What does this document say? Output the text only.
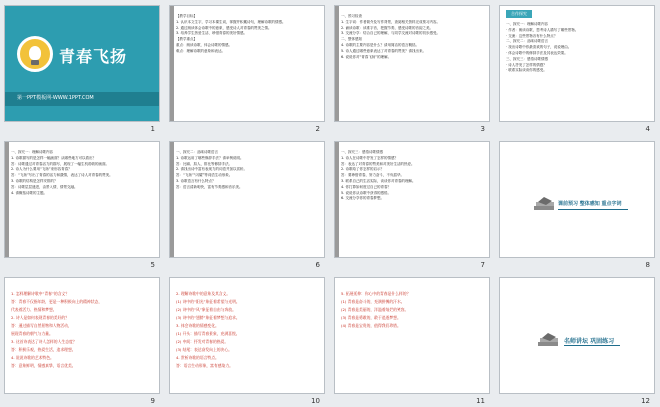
青春飞扬
第一PPT模板网-WWW.1PPT.COM
1

【教学目标】

1. 认识本文生字，学习本课生词，掌握并积累诗句，理解诗歌的情感。

2. 通过朗读体会诗歌中的意象，感受诗人对青春的赞美之情。

3. 培养学生热爱生活、珍惜青春的美好情感。

【教学重点】

重点：朗读诗歌，体会诗歌的情感。

难点：理解诗歌的意象和表达。

2

一、预习检查

1. 生字词：作者简介及写作背景，查阅相关资料完成预习内容。

2. 诵读诗歌：读准字音，把握节奏，感受诗歌的音韵之美。

3. 交流分享：结合自己的理解，与同学交流对诗歌的初步感受。

二、整体感知

4. 诗歌的主要内容是什么？请用简洁的语言概括。

5. 诗人通过哪些意象表达了对青春的赞美？请找出来。

6. 说说你对“青春飞扬”的理解。

3
合作探究

一、探究一：理解诗歌内容

· 作者：朗读诗歌，思考诗人描写了哪些景物。

· 交流：这些景物各有什么特点？

二、探究二：品味诗歌语言

· 找出诗歌中你最喜欢的句子，说说理由。

· 体会诗歌中的修辞手法及其表达效果。

三、探究三：感悟诗歌情感

· 诗人抒发了怎样的情感？

· 联系实际谈谈你的感受。

4

一、探究一：理解诗歌内容

1. 诗歌描写的是怎样一幅画面？从哪些地方可以看出？

答：诗歌通过对青春活力的描写，展现了一幅生机勃勃的画面。

2. 诗人为什么要用“飞扬”来形容青春？

答：“飞扬”写出了青春的活力和激情，表达了诗人对青春的赞美。

3. 诗歌的结构是怎样安排的？

答：诗歌层层递进，由景入情，情景交融。

4. 请概括诗歌的主题。

5

一、探究二：品味诗歌语言

1. 诗歌运用了哪些修辞手法？请举例说明。

答：比喻、拟人、排比等修辞手法。

2. 请找出诗中富有表现力的词语并加以赏析。

答：“飞扬”“闪耀”等词语生动形象。

3. 诗歌语言有什么特点？

答：语言清新明快，富有节奏感和音乐美。

6

一、探究三：感悟诗歌情感

1. 诗人在诗歌中抒发了怎样的情感？

答：表达了对青春的赞美和对美好生活的热爱。

2. 诗歌给了你怎样的启示？

答：要珍惜青春，努力奋斗，不负韶华。

3. 联系自己的生活实际，谈谈你对青春的理解。

4. 你打算如何度过自己的青春？

5. 说说你从诗歌中获得的感悟。

6. 交流分享你的青春梦想。

7
课前预习 整体感知 重点字词
8

1. 怎样理解诗歌中“青春”的含义？

答：青春不仅指年龄，更是一种积极向上的精神状态，

代表着活力、热情和梦想。

2. 诗人是如何表现青春的美好的？

答：通过描写自然景物和人物活动，

展现青春的朝气与力量。

3. 这首诗表达了诗人怎样的人生态度？

答：积极乐观，热爱生活，追求理想。

4. 说说诗歌的艺术特色。

答：意象鲜明，情感真挚，语言优美。

9

2. 理解诗歌中的意象及其含义。

(1) 诗中的“阳光”象征着希望与光明。

(2) 诗中的“风”象征着自由与奔放。

(3) 诗中的“翅膀”象征着梦想与追求。

3. 体会诗歌的情感变化。

(1) 开头：描写青春景象，充满喜悦。

(2) 中间：抒发对青春的热爱。

(3) 结尾：表达奋发向上的决心。

4. 赏析诗歌的语言特点。

答：语言生动形象，富有感染力。

10

5. 拓展延伸：你心中的青春是什么样的？

(1) 青春是奋斗的，充满拼搏的汗水。

(2) 青春是美丽的，洋溢着灿烂的笑容。

(3) 青春是勇敢的，敢于追逐梦想。

(4) 青春是宝贵的，值得我们珍惜。

11
名师讲坛 巩固练习
12
